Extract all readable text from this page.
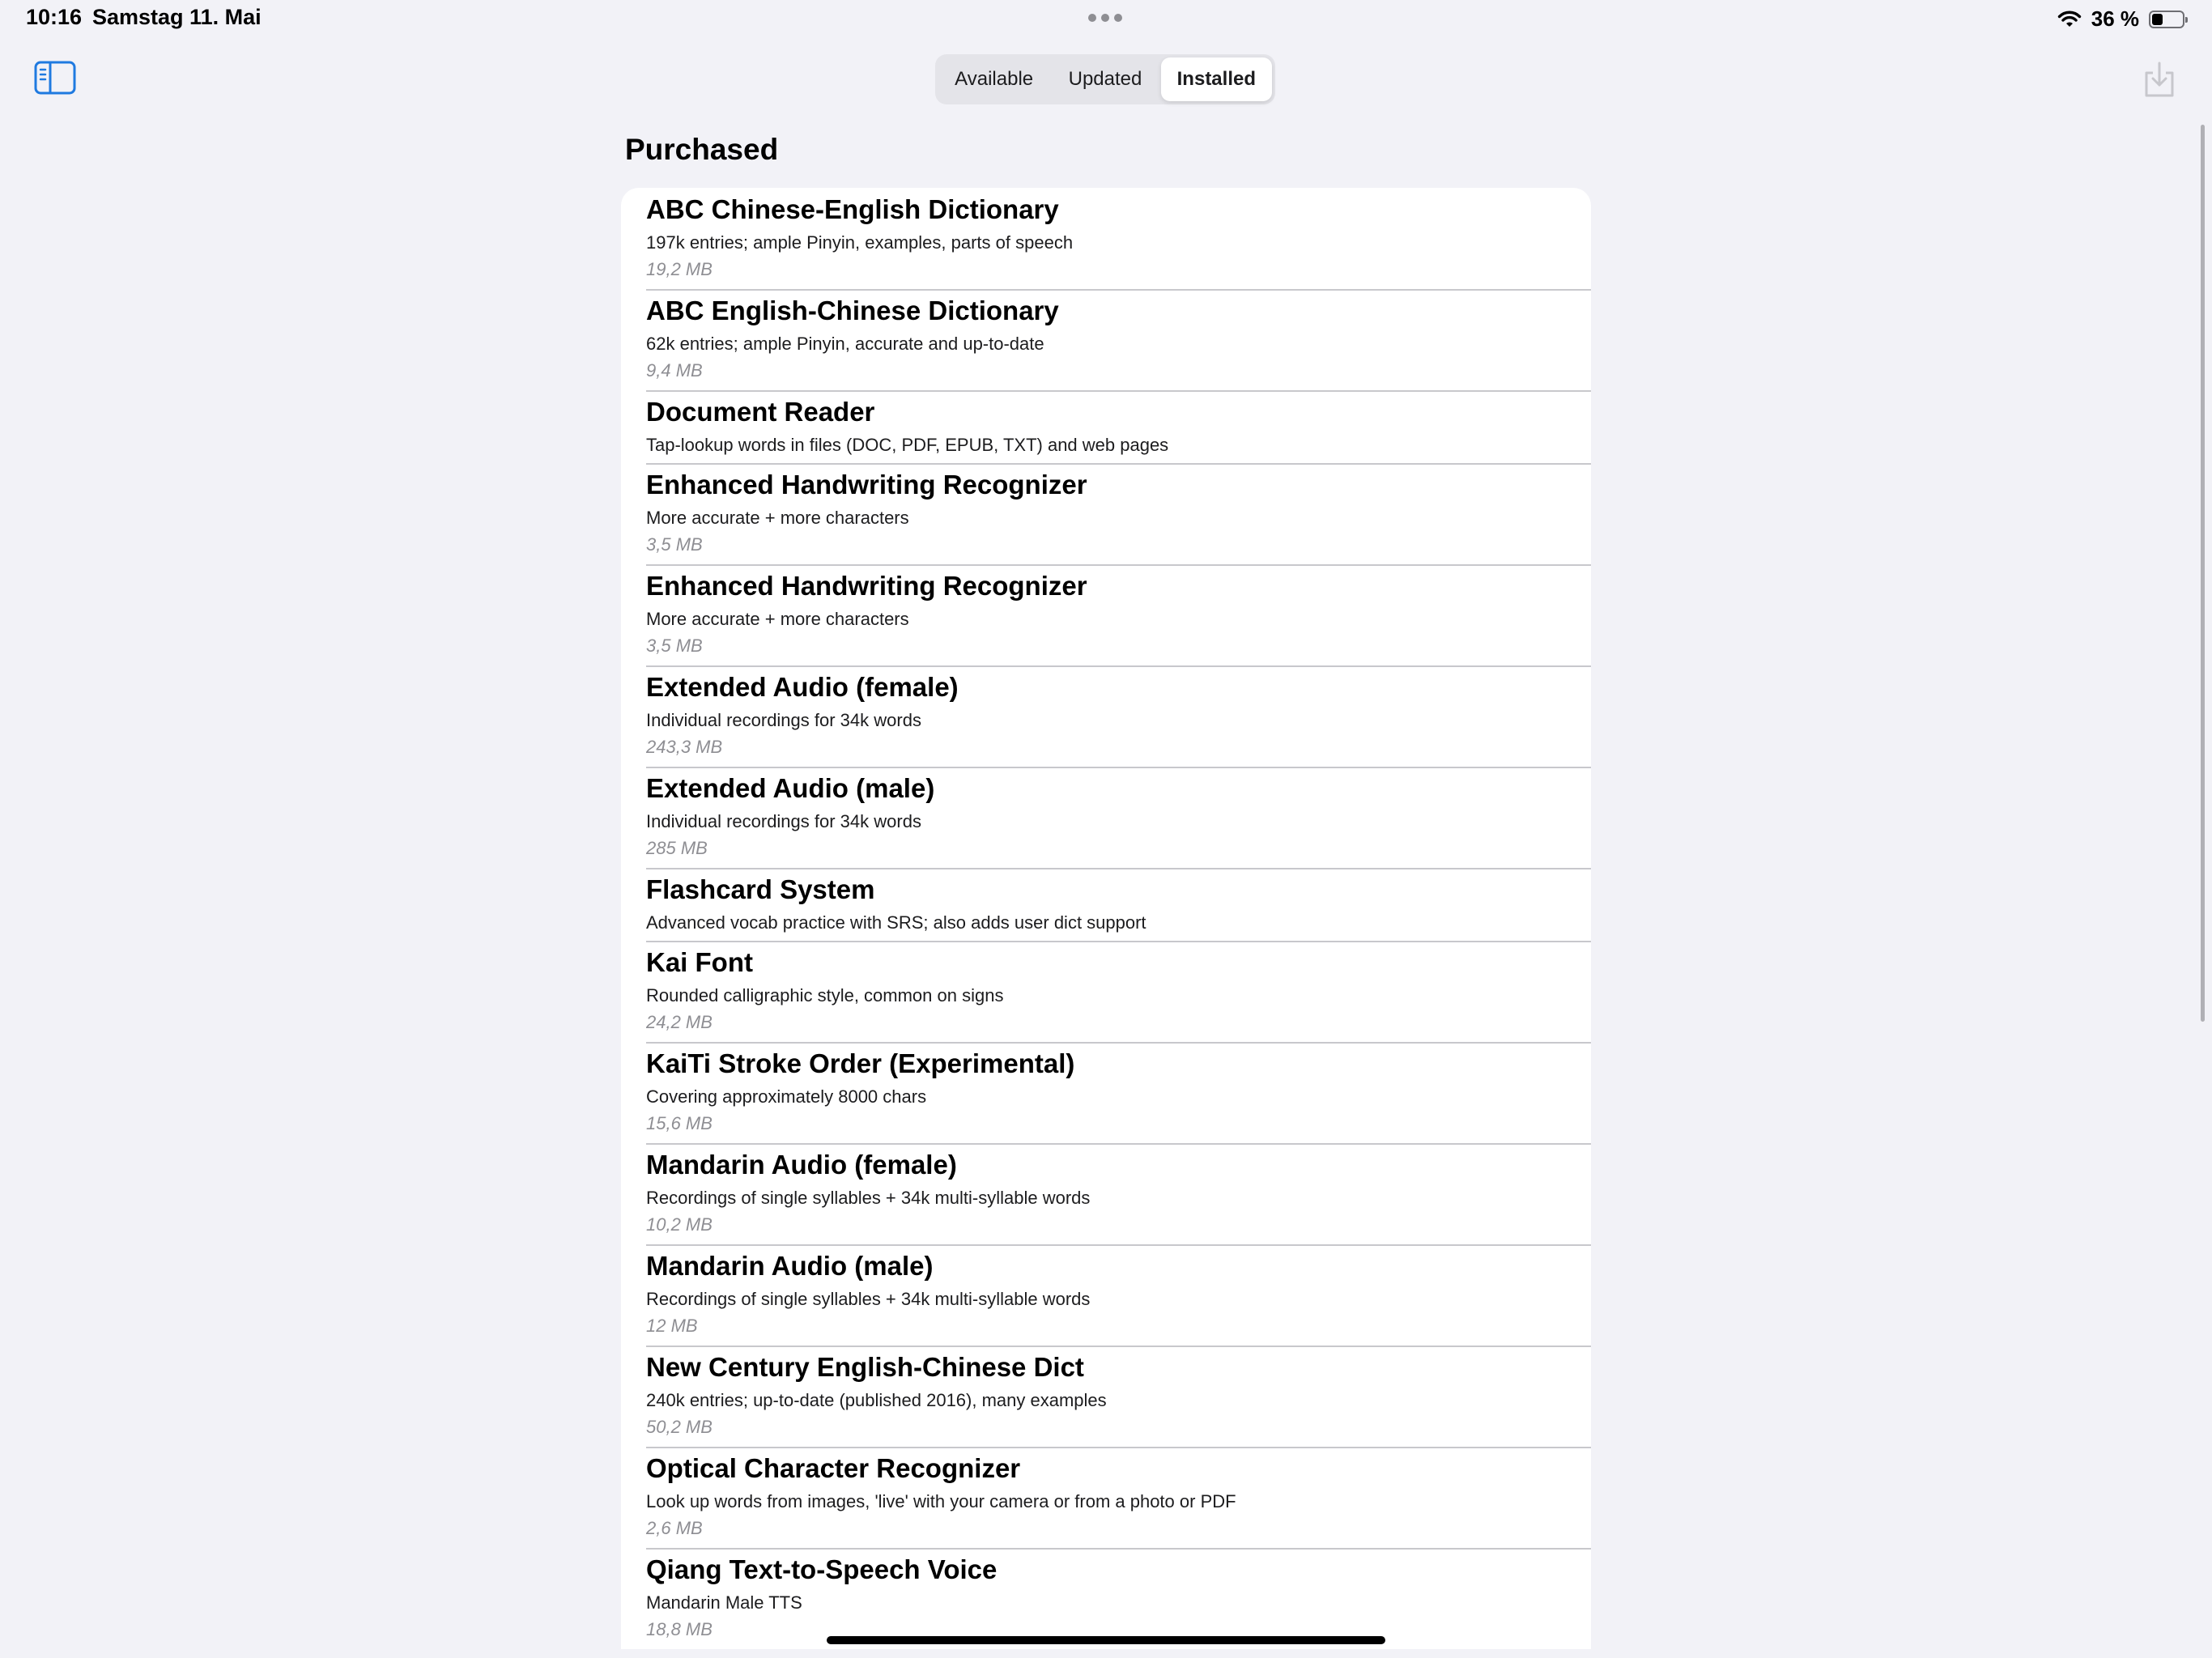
10:16 Samstag 11. Mai	36 %
Available	Updated	Installed
Purchased
ABC Chinese-English Dictionary
197k entries; ample Pinyin, examples, parts of speech
19,2 MB
ABC English-Chinese Dictionary
62k entries; ample Pinyin, accurate and up-to-date
9,4 MB
Document Reader
Tap-lookup words in files (DOC, PDF, EPUB, TXT) and web pages
Enhanced Handwriting Recognizer
More accurate + more characters
3,5 MB
Enhanced Handwriting Recognizer
More accurate + more characters
3,5 MB
Extended Audio (female)
Individual recordings for 34k words
243,3 MB
Extended Audio (male)
Individual recordings for 34k words
285 MB
Flashcard System
Advanced vocab practice with SRS; also adds user dict support
Kai Font
Rounded calligraphic style, common on signs
24,2 MB
KaiTi Stroke Order (Experimental)
Covering approximately 8000 chars
15,6 MB
Mandarin Audio (female)
Recordings of single syllables + 34k multi-syllable words
10,2 MB
Mandarin Audio (male)
Recordings of single syllables + 34k multi-syllable words
12 MB
New Century English-Chinese Dict
240k entries; up-to-date (published 2016), many examples
50,2 MB
Optical Character Recognizer
Look up words from images, 'live' with your camera or from a photo or PDF
2,6 MB
Qiang Text-to-Speech Voice
Mandarin Male TTS
18,8 MB
